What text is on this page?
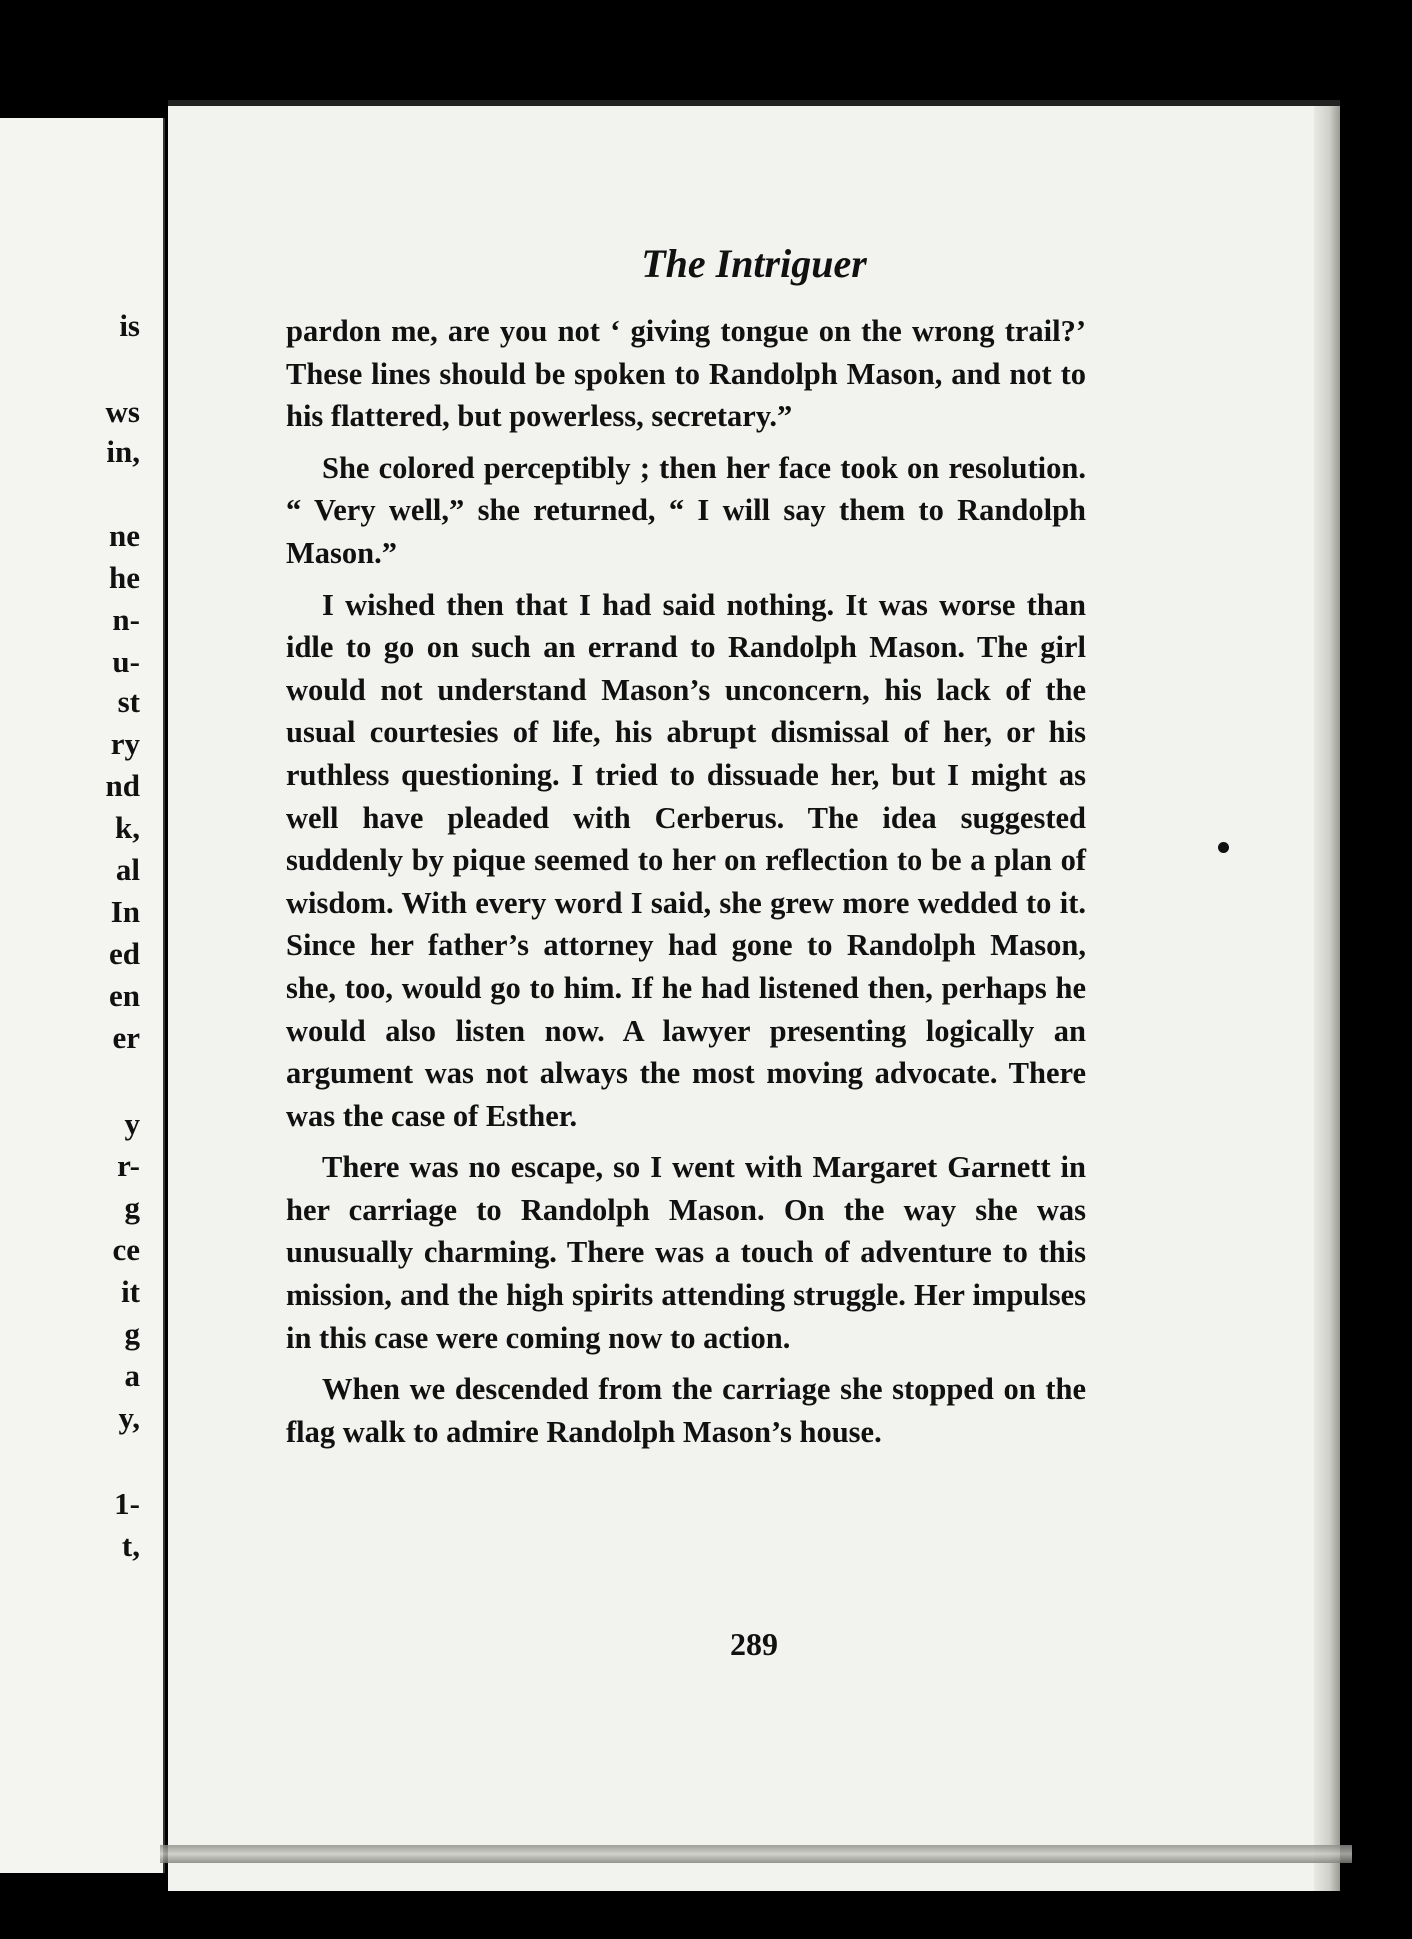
is
ws
in,
ne
he
n-
u-
st
ry
nd
k,
al
In
ed
en
er
y
r-
g
ce
it
g
a
y,
1-
t,
The Intriguer

pardon me, are you not ‘ giving tongue on the wrong trail?’ These lines should be spoken to Randolph Mason, and not to his flattered, but powerless, secretary.”

She colored perceptibly ; then her face took on resolution. “ Very well,” she returned, “ I will say them to Randolph Mason.”

I wished then that I had said nothing. It was worse than idle to go on such an errand to Randolph Mason. The girl would not understand Mason’s unconcern, his lack of the usual courtesies of life, his abrupt dismissal of her, or his ruthless questioning. I tried to dissuade her, but I might as well have pleaded with Cerberus. The idea suggested suddenly by pique seemed to her on reflection to be a plan of wisdom. With every word I said, she grew more wedded to it. Since her father’s attorney had gone to Randolph Mason, she, too, would go to him. If he had listened then, perhaps he would also listen now. A lawyer presenting logically an argument was not always the most moving advocate. There was the case of Esther.

There was no escape, so I went with Margaret Garnett in her carriage to Randolph Mason. On the way she was unusually charming. There was a touch of adventure to this mission, and the high spirits attending struggle. Her impulses in this case were coming now to action.

When we descended from the carriage she stopped on the flag walk to admire Randolph Mason’s house.

289
